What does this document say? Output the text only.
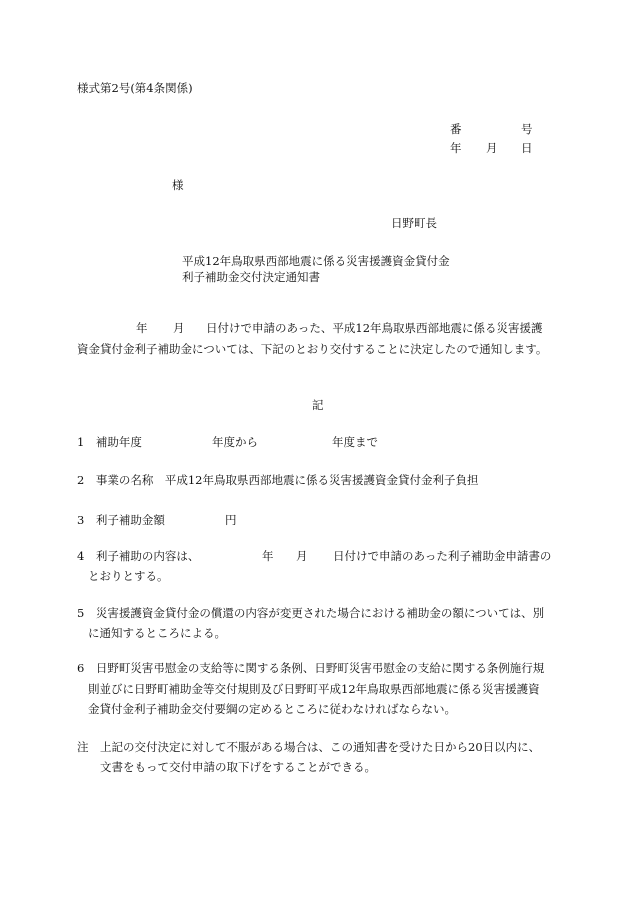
様式第2号(第4条関係)
番	号
年 月 日
様
日野町長
平成12年鳥取県西部地震に係る災害援護資金貸付金
利子補助金交付決定通知書
年 月 日付けで申請のあった、平成12年鳥取県西部地震に係る災害援護
資金貸付金利子補助金については、下記のとおり交付することに決定したので通知します。
記
1　補助年度	年度から	年度まで
2　事業の名称　平成12年鳥取県西部地震に係る災害援護資金貸付金利子負担
3　利子補助金額	円
4　利子補助の内容は、	年 月 日付けで申請のあった利子補助金申請書の
とおりとする。
5　災害援護資金貸付金の償還の内容が変更された場合における補助金の額については、別
に通知するところによる。
6　日野町災害弔慰金の支給等に関する条例、日野町災害弔慰金の支給に関する条例施行規
則並びに日野町補助金等交付規則及び日野町平成12年鳥取県西部地震に係る災害援護資
金貸付金利子補助金交付要綱の定めるところに従わなければならない。
注　上記の交付決定に対して不服がある場合は、この通知書を受けた日から20日以内に、
文書をもって交付申請の取下げをすることができる。
